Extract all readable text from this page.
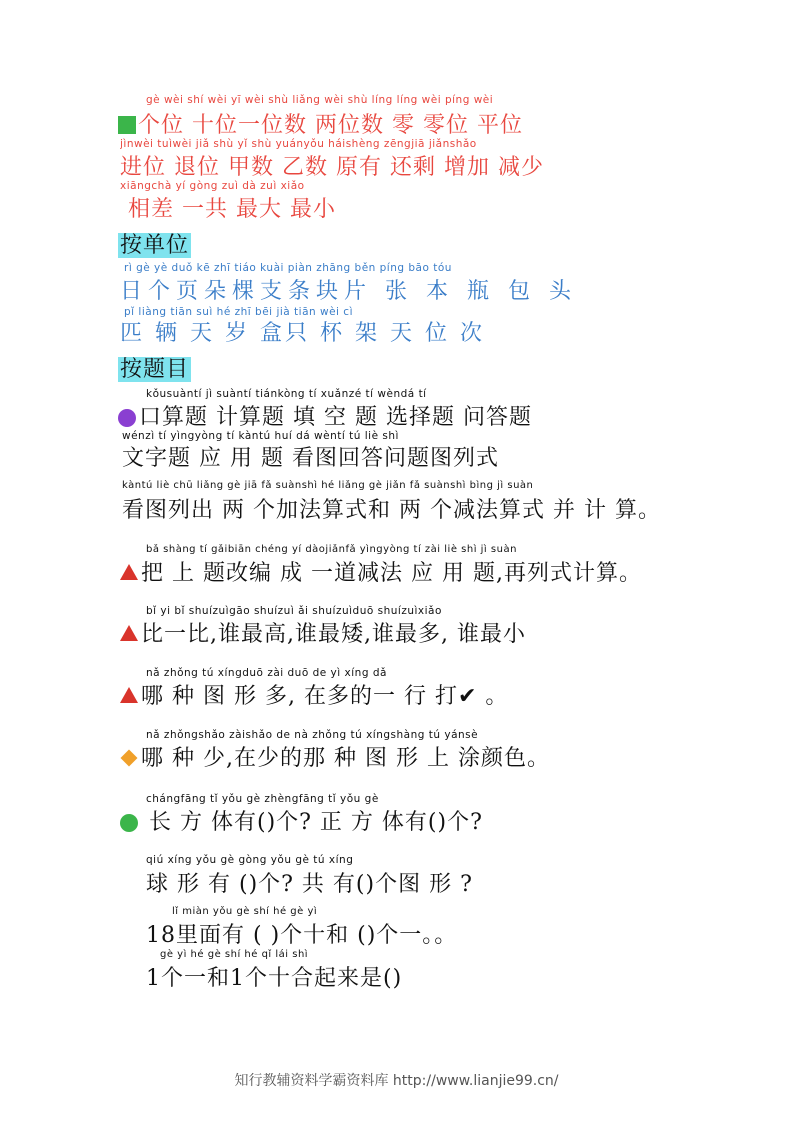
gè wèi shí wèi yī wèi shù liǎng wèi shù líng líng wèi píng wèi
个位 十位一位数 两位数 零 零位 平位
jìnwèi tuìwèi jiǎ shù yǐ shù yuányǒu háishèng zēngjiā jiǎnshǎo
进位 退位 甲数 乙数 原有 还剩 增加 减少
xiāngchà yí gòng zuì dà zuì xiǎo
相差 一共 最大 最小
按单位
rì gè yè duǒ kē zhī tiáo kuài piàn zhāng běn píng bāo tóu
日个页朵棵支条块片 张 本 瓶 包 头
pǐ liàng tiān suì hé zhī bēi jià tiān wèi cì
匹 辆 天 岁 盒只 杯 架 天 位 次
按题目
kǒusuàntí jì suàntí tiánkòng tí xuǎnzé tí wèndá tí
口算题 计算题 填 空 题 选择题 问答题
wénzì tí yìngyòng tí kàntú huí dá wèntí tú liè shì
文字题 应 用 题 看图回答问题图列式
kàntú liè chū liǎng gè jiā fǎ suànshì hé liǎng gè jiǎn fǎ suànshì bìng jì suàn
看图列出 两 个加法算式和 两 个减法算式 并 计 算。
bǎ shàng tí gǎibiān chéng yí dàojiǎnfǎ yìngyòng tí zài liè shì jì suàn
把 上 题改编 成 一道减法 应 用 题,再列式计算。
bǐ yi bǐ shuízuìgāo shuízuì ǎi shuízuìduō shuízuìxiǎo
比一比,谁最高,谁最矮,谁最多, 谁最小
nǎ zhǒng tú xíngduō zài duō de yì xíng dǎ
哪 种 图 形 多, 在多的一 行 打✔ 。
nǎ zhǒngshǎo zàishǎo de nà zhǒng tú xíngshàng tú yánsè
哪 种 少,在少的那 种 图 形 上 涂颜色。
chángfāng tǐ yǒu gè zhèngfāng tǐ yǒu gè
长 方 体有()个? 正 方 体有()个?
qiú xíng yǒu gè gòng yǒu gè tú xíng
球 形 有 ()个? 共 有()个图 形 ?
lǐ miàn yǒu gè shí hé gè yì
18里面有 ( )个十和 ()个一。。
gè yì hé gè shí hé qǐ lái shì
1个一和1个十合起来是()
知行教辅资料学霸资料库 http://www.lianjie99.cn/
